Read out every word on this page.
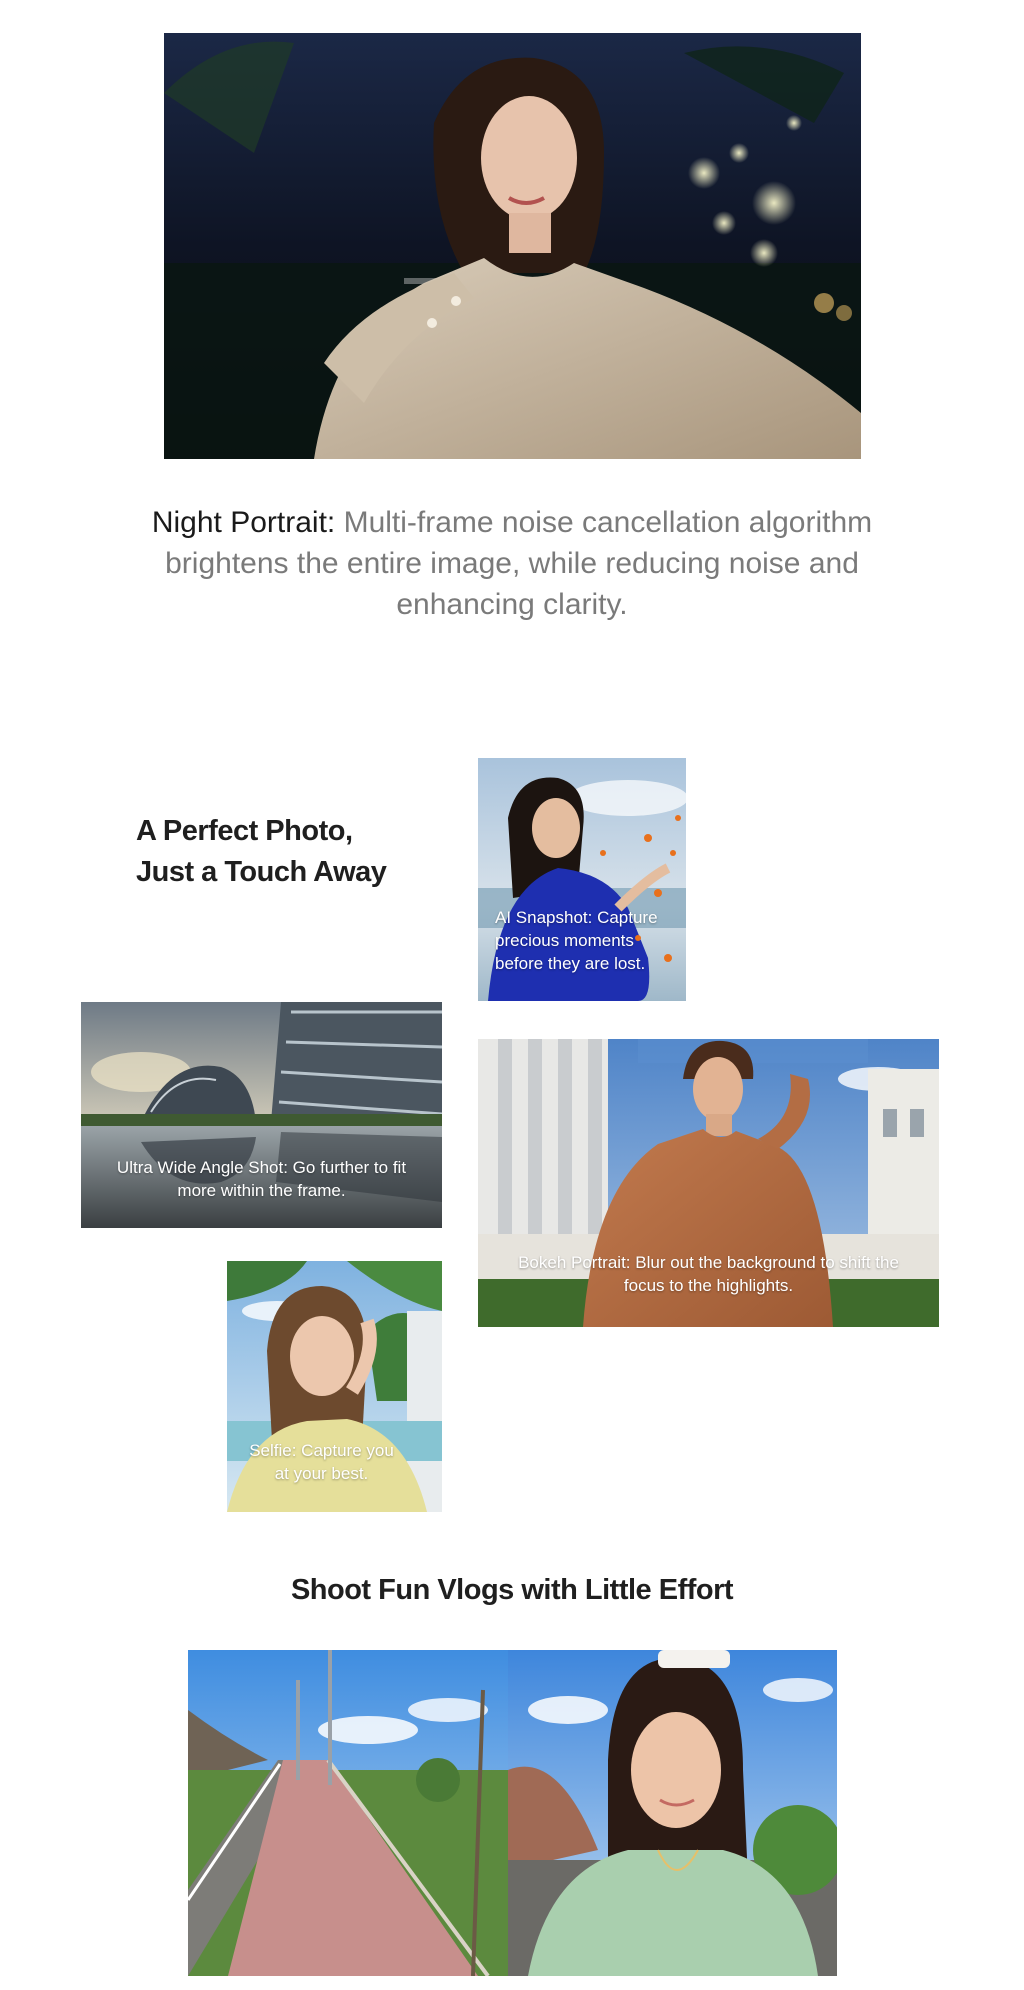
Night Portrait: Multi-frame noise cancellation algorithm brightens the entire image, while reducing noise and enhancing clarity.
A Perfect Photo,
Just a Touch Away
AI Snapshot: Capture precious moments before they are lost.
Ultra Wide Angle Shot: Go further to fit more within the frame.
Bokeh Portrait: Blur out the background to shift the focus to the highlights.
Selfie: Capture you at your best.
Shoot Fun Vlogs with Little Effort
